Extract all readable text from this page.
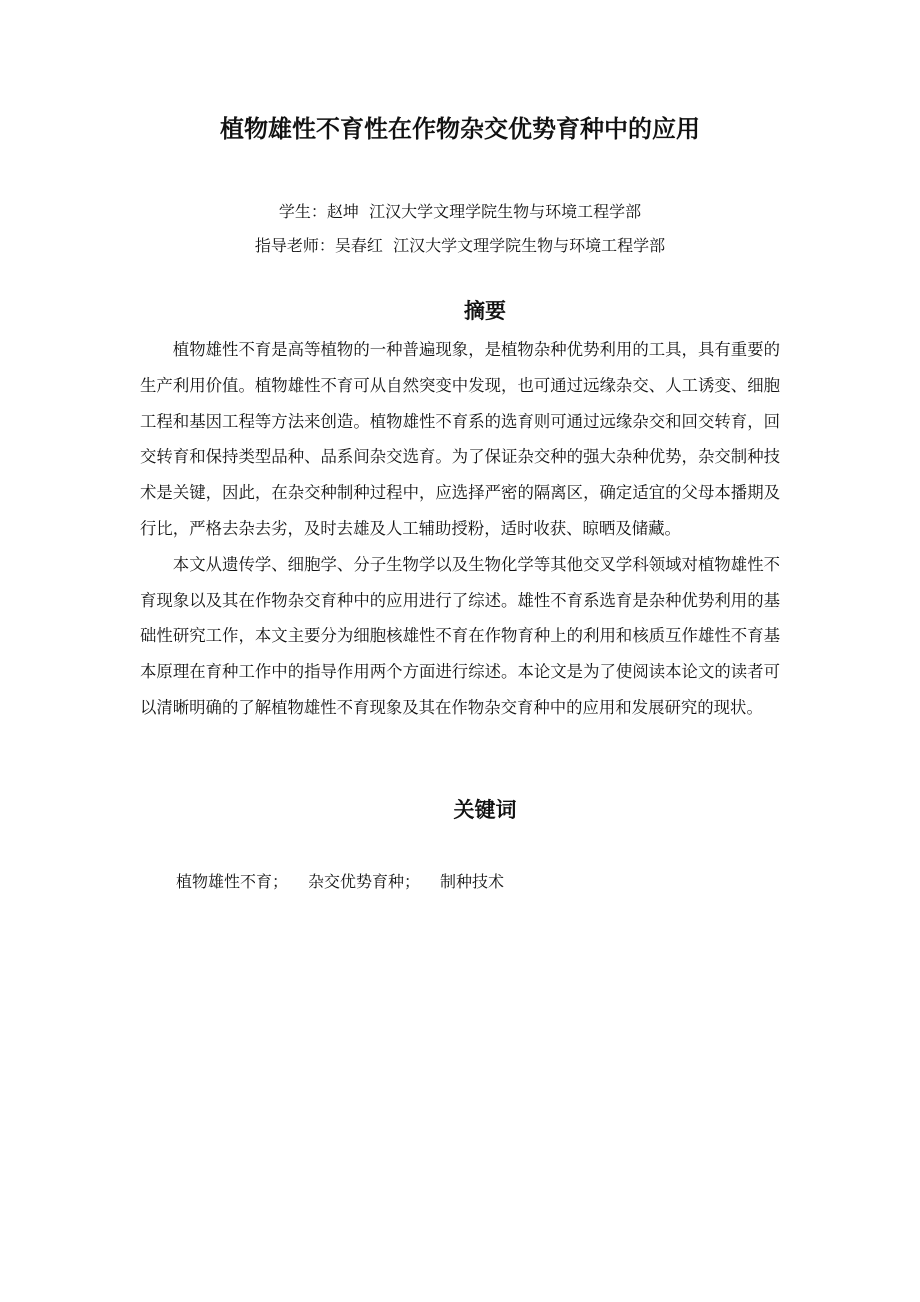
植物雄性不育性在作物杂交优势育种中的应用
学生：赵坤  江汉大学文理学院生物与环境工程学部
指导老师：吴春红  江汉大学文理学院生物与环境工程学部
摘要

植物雄性不育是高等植物的一种普遍现象，是植物杂种优势利用的工具，具有重要的生产利用价值。植物雄性不育可从自然突变中发现，也可通过远缘杂交、人工诱变、细胞工程和基因工程等方法来创造。植物雄性不育系的选育则可通过远缘杂交和回交转育，回交转育和保持类型品种、品系间杂交选育。为了保证杂交种的强大杂种优势，杂交制种技术是关键，因此，在杂交种制种过程中，应选择严密的隔离区，确定适宜的父母本播期及行比，严格去杂去劣，及时去雄及人工辅助授粉，适时收获、晾晒及储藏。

本文从遗传学、细胞学、分子生物学以及生物化学等其他交叉学科领域对植物雄性不育现象以及其在作物杂交育种中的应用进行了综述。雄性不育系选育是杂种优势利用的基础性研究工作，本文主要分为细胞核雄性不育在作物育种上的利用和核质互作雄性不育基本原理在育种工作中的指导作用两个方面进行综述。本论文是为了使阅读本论文的读者可以清晰明确的了解植物雄性不育现象及其在作物杂交育种中的应用和发展研究的现状。

关键词
植物雄性不育； 杂交优势育种； 制种技术
